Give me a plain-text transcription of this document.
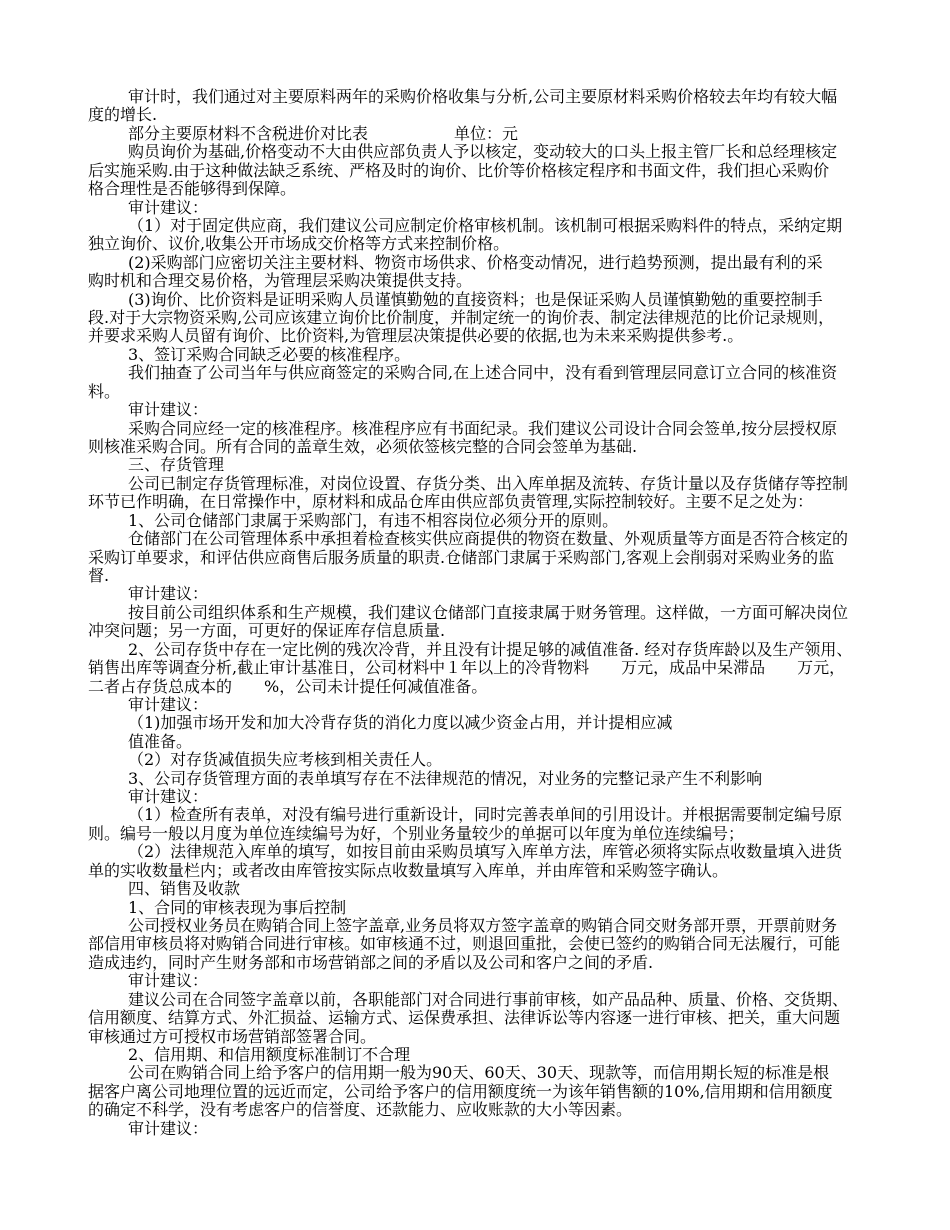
审计时，我们通过对主要原料两年的采购价格收集与分析,公司主要原材料采购价格较去年均有较大幅
度的增长.
部分主要原材料不含税进价对比表	单位：元
购员询价为基础,价格变动不大由供应部负责人予以核定，变动较大的口头上报主管厂长和总经理核定
后实施采购.由于这种做法缺乏系统、严格及时的询价、比价等价格核定程序和书面文件，我们担心采购价
格合理性是否能够得到保障。
审计建议：
（1）对于固定供应商，我们建议公司应制定价格审核机制。该机制可根据采购料件的特点，采纳定期
独立询价、议价,收集公开市场成交价格等方式来控制价格。
(2)采购部门应密切关注主要材料、物资市场供求、价格变动情况，进行趋势预测，提出最有利的采
购时机和合理交易价格，为管理层采购决策提供支持。
(3)询价、比价资料是证明采购人员谨慎勤勉的直接资料；也是保证采购人员谨慎勤勉的重要控制手
段.对于大宗物资采购,公司应该建立询价比价制度，并制定统一的询价表、制定法律规范的比价记录规则，
并要求采购人员留有询价、比价资料,为管理层决策提供必要的依据,也为未来采购提供参考.。
3、签订采购合同缺乏必要的核准程序。
我们抽查了公司当年与供应商签定的采购合同,在上述合同中，没有看到管理层同意订立合同的核准资
料。
审计建议：
采购合同应经一定的核准程序。核准程序应有书面纪录。我们建议公司设计合同会签单,按分层授权原
则核准采购合同。所有合同的盖章生效，必须依签核完整的合同会签单为基础.
三、存货管理
公司已制定存货管理标准，对岗位设置、存货分类、出入库单据及流转、存货计量以及存货储存等控制
环节已作明确，在日常操作中，原材料和成品仓库由供应部负责管理,实际控制较好。主要不足之处为：
1、公司仓储部门隶属于采购部门，有违不相容岗位必须分开的原则。
仓储部门在公司管理体系中承担着检查核实供应商提供的物资在数量、外观质量等方面是否符合核定的
采购订单要求，和评估供应商售后服务质量的职责.仓储部门隶属于采购部门,客观上会削弱对采购业务的监
督.
审计建议：
按目前公司组织体系和生产规模，我们建议仓储部门直接隶属于财务管理。这样做，一方面可解决岗位
冲突问题；另一方面，可更好的保证库存信息质量.
2、公司存货中存在一定比例的残次冷背，并且没有计提足够的减值准备. 经对存货库龄以及生产领用、
销售出库等调查分析,截止审计基准日，公司材料中１年以上的冷背物料　　万元，成品中呆滞品　　万元，
二者占存货总成本的　　%，公司未计提任何减值准备。
审计建议：
（1)加强市场开发和加大冷背存货的消化力度以减少资金占用，并计提相应减
值准备。
（2）对存货减值损失应考核到相关责任人。
3、公司存货管理方面的表单填写存在不法律规范的情况，对业务的完整记录产生不利影响
审计建议：
（1）检查所有表单，对没有编号进行重新设计，同时完善表单间的引用设计。并根据需要制定编号原
则。编号一般以月度为单位连续编号为好，个别业务量较少的单据可以年度为单位连续编号；
（2）法律规范入库单的填写，如按目前由采购员填写入库单方法，库管必须将实际点收数量填入进货
单的实收数量栏内；或者改由库管按实际点收数量填写入库单，并由库管和采购签字确认。
四、销售及收款
1、合同的审核表现为事后控制
公司授权业务员在购销合同上签字盖章,业务员将双方签字盖章的购销合同交财务部开票，开票前财务
部信用审核员将对购销合同进行审核。如审核通不过，则退回重批，会使已签约的购销合同无法履行，可能
造成违约，同时产生财务部和市场营销部之间的矛盾以及公司和客户之间的矛盾.
审计建议：
建议公司在合同签字盖章以前，各职能部门对合同进行事前审核，如产品品种、质量、价格、交货期、
信用额度、结算方式、外汇损益、运输方式、运保费承担、法律诉讼等内容逐一进行审核、把关，重大问题
审核通过方可授权市场营销部签署合同。
2、信用期、和信用额度标准制订不合理
公司在购销合同上给予客户的信用期一般为90天、60天、30天、现款等，而信用期长短的标准是根
据客户离公司地理位置的远近而定，公司给予客户的信用额度统一为该年销售额的10%,信用期和信用额度
的确定不科学，没有考虑客户的信誉度、还款能力、应收账款的大小等因素。
审计建议：
